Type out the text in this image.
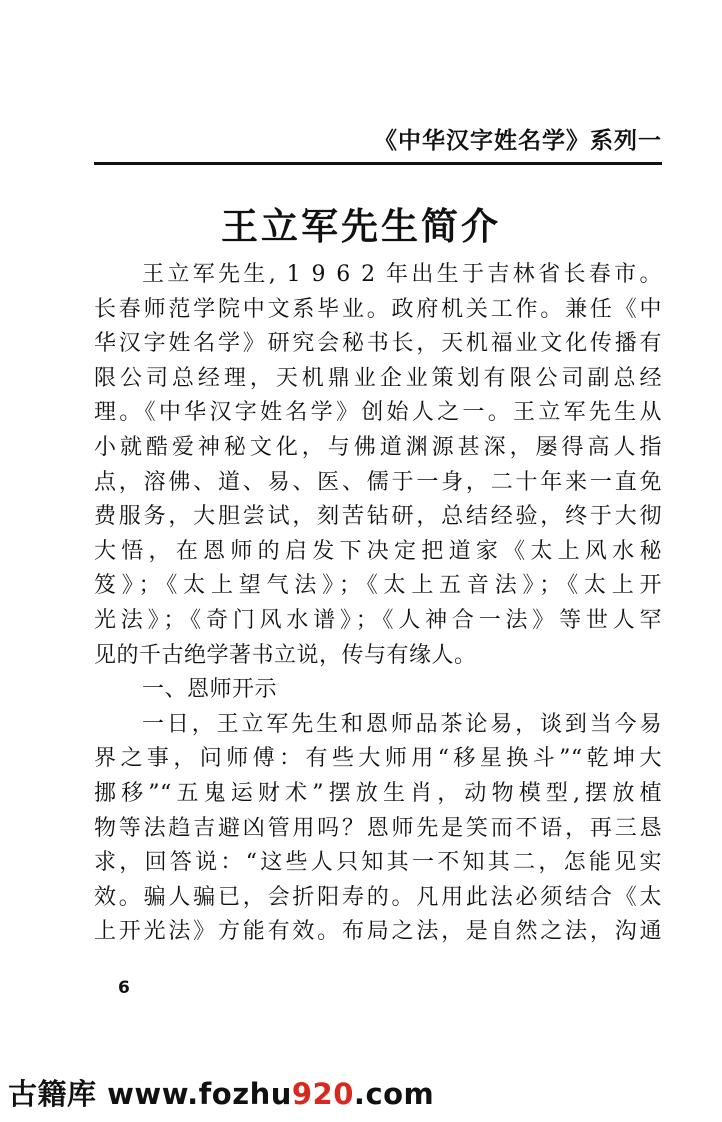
《中华汉字姓名学》系列一
王立军先生简介
王立军先生, 1 9 6 2 年出生于吉林省长春市。
长春师范学院中文系毕业。政府机关工作。兼任《中
华汉字姓名学》研究会秘书长，天机福业文化传播有
限公司总经理，天机鼎业企业策划有限公司副总经
理。《中华汉字姓名学》创始人之一。王立军先生从
小就酷爱神秘文化，与佛道渊源甚深，屡得高人指
点，溶佛、道、易、医、儒于一身，二十年来一直免
费服务，大胆尝试，刻苦钻研，总结经验，终于大彻
大悟，在恩师的启发下决定把道家《太上风水秘
笈》；《太上望气法》；《太上五音法》；《太上开
光法》；《奇门风水谱》；《人神合一法》等世人罕
见的千古绝学著书立说，传与有缘人。
一、恩师开示
一日，王立军先生和恩师品茶论易，谈到当今易
界之事，问师傅：有些大师用“移星换斗”“乾坤大
挪移”“五鬼运财术”摆放生肖，动物模型,摆放植
物等法趋吉避凶管用吗？恩师先是笑而不语，再三恳
求，回答说：“这些人只知其一不知其二，怎能见实
效。骗人骗已，会折阳寿的。凡用此法必须结合《太
上开光法》方能有效。布局之法，是自然之法，沟通
6
古籍库 www.fozhu920.com
